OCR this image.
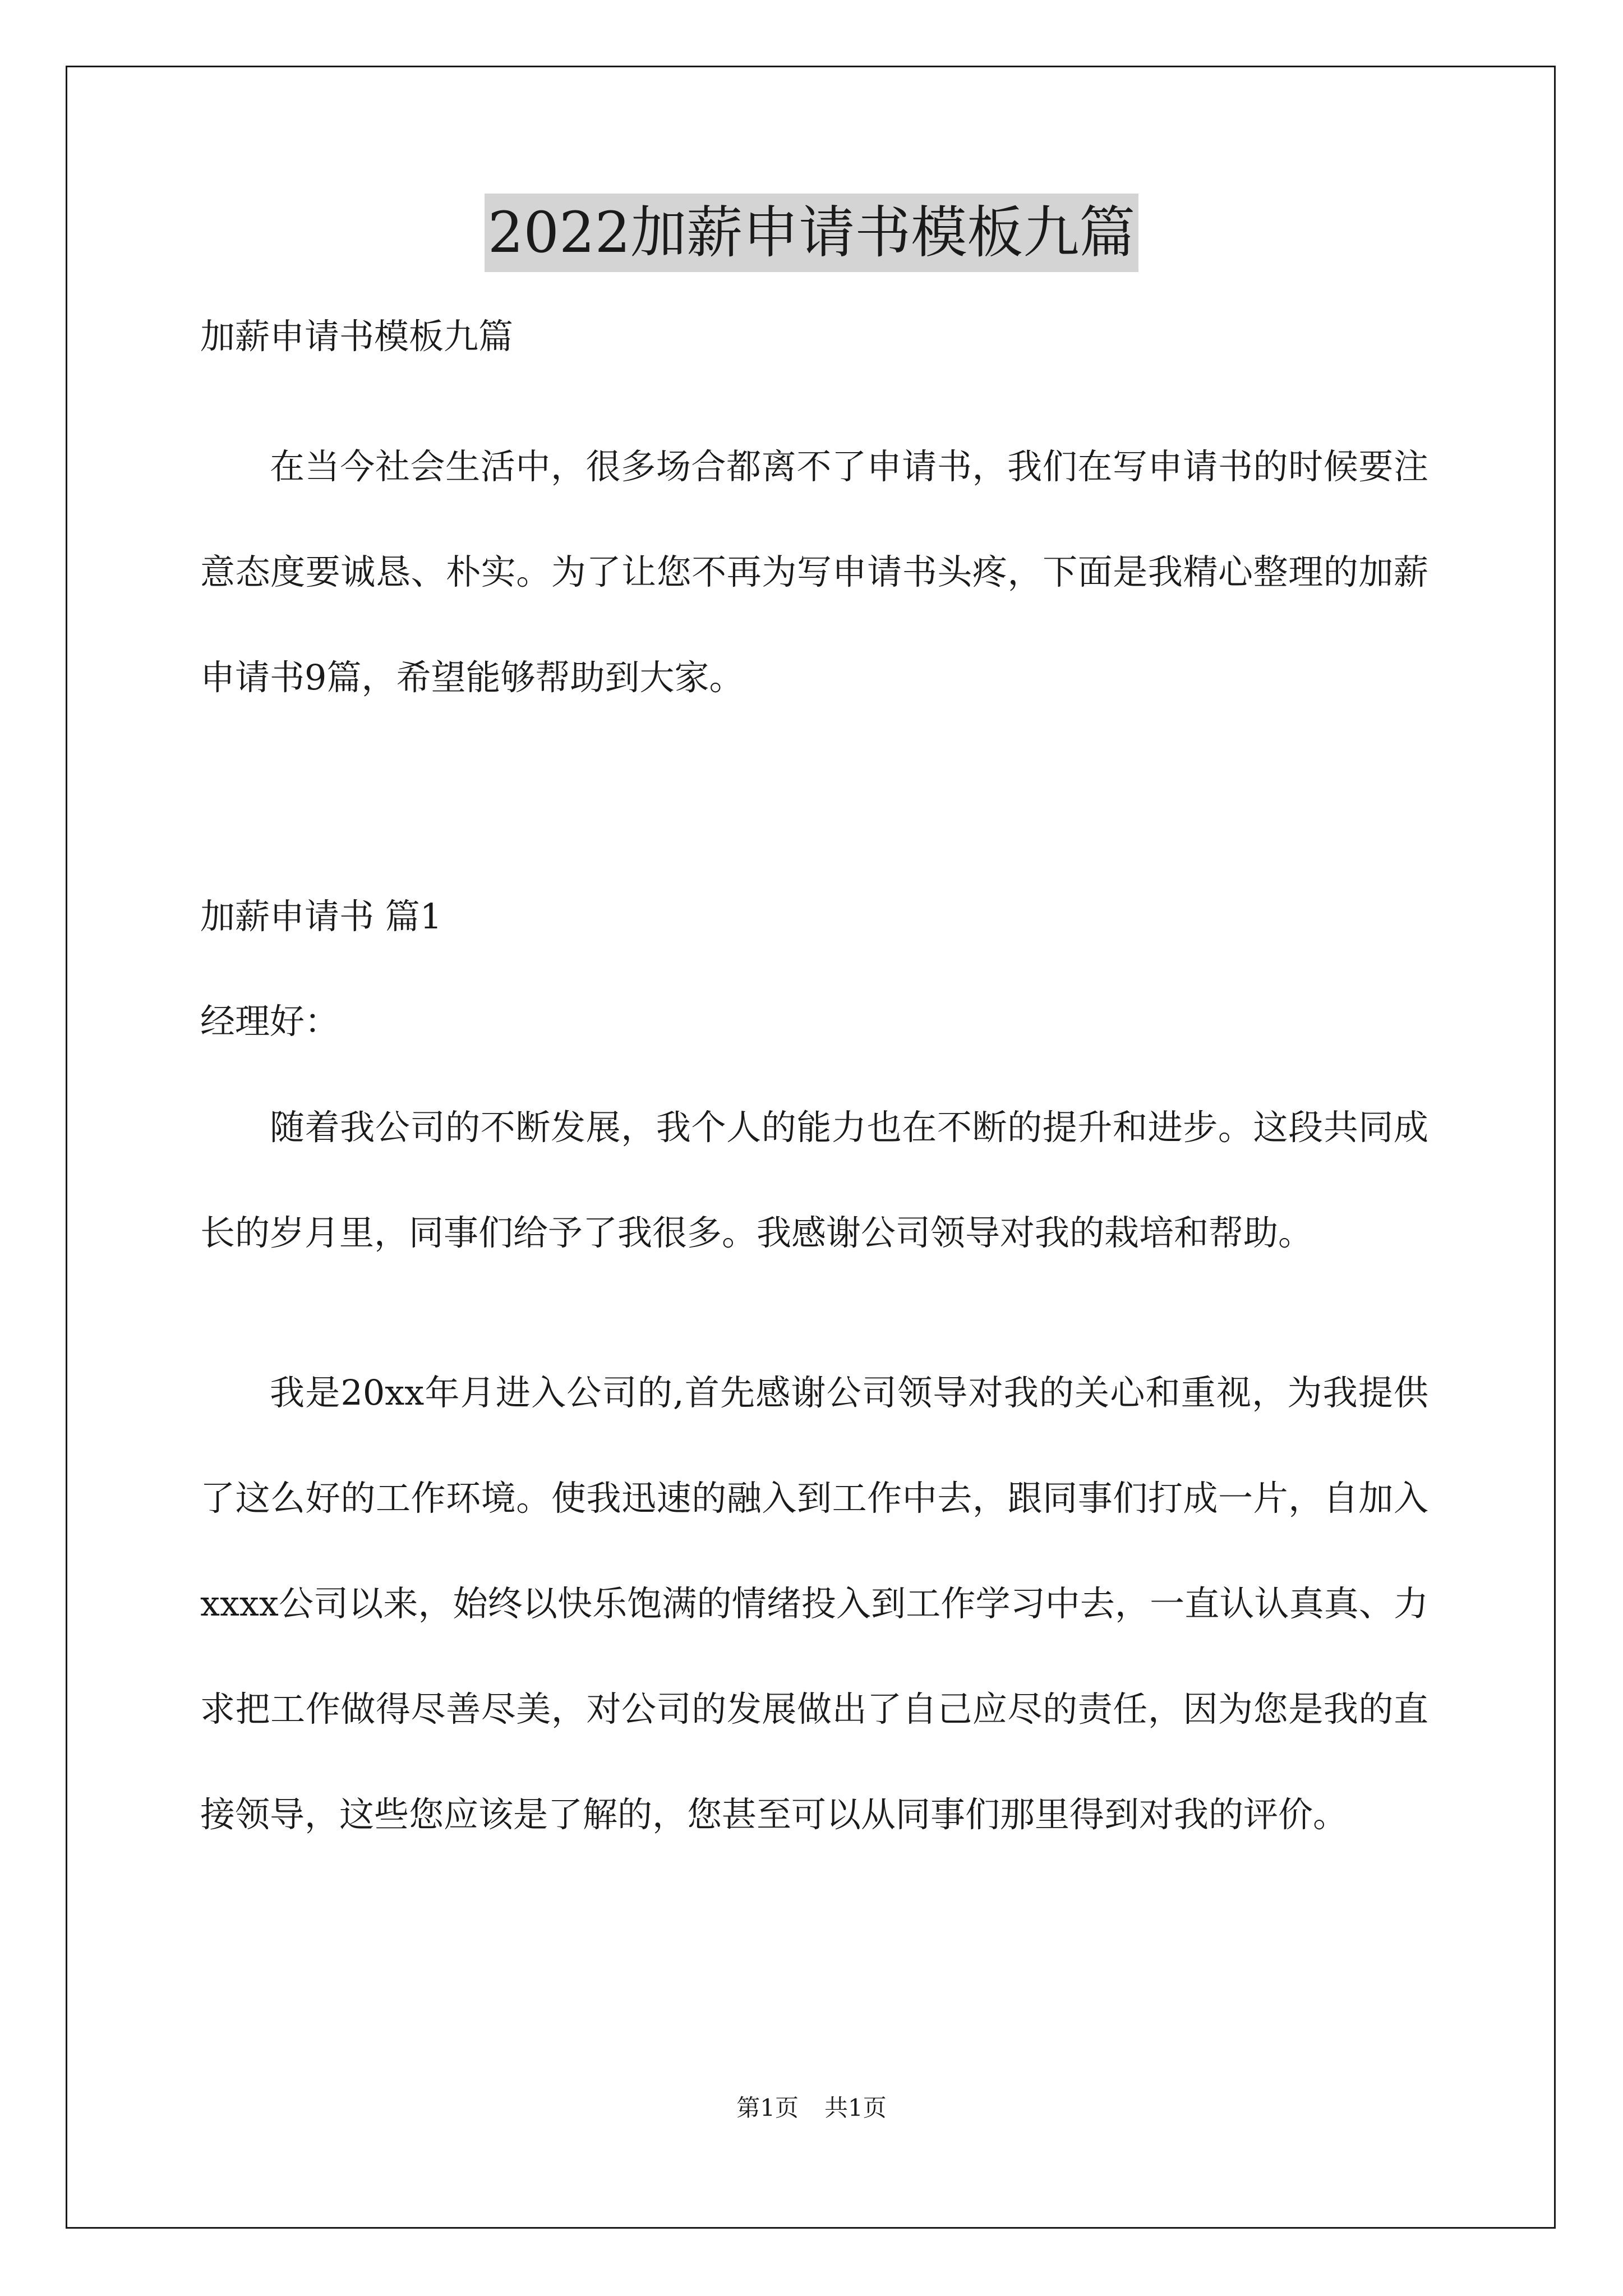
2022加薪申请书模板九篇
加薪申请书模板九篇

在当今社会生活中，很多场合都离不了申请书，我们在写申请书的时候要注意态度要诚恳、朴实。为了让您不再为写申请书头疼，下面是我精心整理的加薪申请书9篇，希望能够帮助到大家。

加薪申请书 篇1
经理好：

随着我公司的不断发展，我个人的能力也在不断的提升和进步。这段共同成长的岁月里，同事们给予了我很多。我感谢公司领导对我的栽培和帮助。

我是20xx年月进入公司的,首先感谢公司领导对我的关心和重视，为我提供了这么好的工作环境。使我迅速的融入到工作中去，跟同事们打成一片，自加入xxxx公司以来，始终以快乐饱满的情绪投入到工作学习中去，一直认认真真、力求把工作做得尽善尽美，对公司的发展做出了自己应尽的责任，因为您是我的直接领导，这些您应该是了解的，您甚至可以从同事们那里得到对我的评价。

第1页 共1页
